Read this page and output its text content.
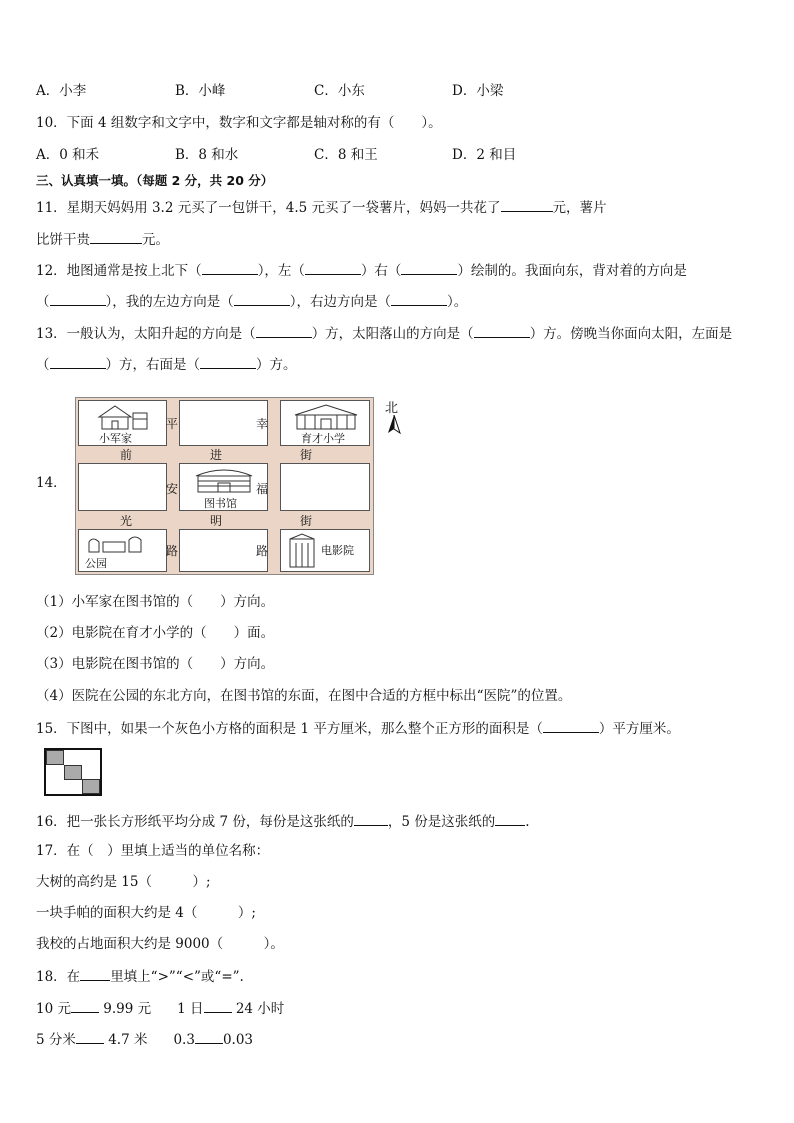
A．小李	B．小峰	C．小东	D．小梁
10．下面 4 组数字和文字中，数字和文字都是轴对称的有（　　）。
A．0 和禾	B．8 和水	C．8 和王	D．2 和目
三、认真填一填。（每题 2 分，共 20 分）
11．星期天妈妈用 3.2 元买了一包饼干，4.5 元买了一袋薯片，妈妈一共花了	元，薯片
比饼干贵	元。
12．地图通常是按上北下（	），左（	）右（	）绘制的。我面向东，背对着的方向是
（	），我的左边方向是（	），右边方向是（	）。
13．一般认为，太阳升起的方向是（	）方，太阳落山的方向是（	）方。傍晚当你面向太阳，左面是
（	）方，右面是（	）方。
14．
小军家	育才小学
图书馆
公园
电影院
平	幸
前	进	街
安	福
光	明	街
路	路
北
（1）小军家在图书馆的（　　）方向。
（2）电影院在育才小学的（　　）面。
（3）电影院在图书馆的（　　）方向。
（4）医院在公园的东北方向，在图书馆的东面，在图中合适的方框中标出“医院”的位置。
15．下图中，如果一个灰色小方格的面积是 1 平方厘米，那么整个正方形的面积是（	）平方厘米。
16．把一张长方形纸平均分成 7 份，每份是这张纸的	，5 份是这张纸的 .
17．在（　）里填上适当的单位名称：
大树的高约是 15（　　　）;
一块手帕的面积大约是 4（　　　）;
我校的占地面积大约是 9000（　　　）。
18．在 里填上“>”“<”或“=”.
10 元 9.99 元 1 日 24 小时
5 分米 4.7 米 0.3 0.03
